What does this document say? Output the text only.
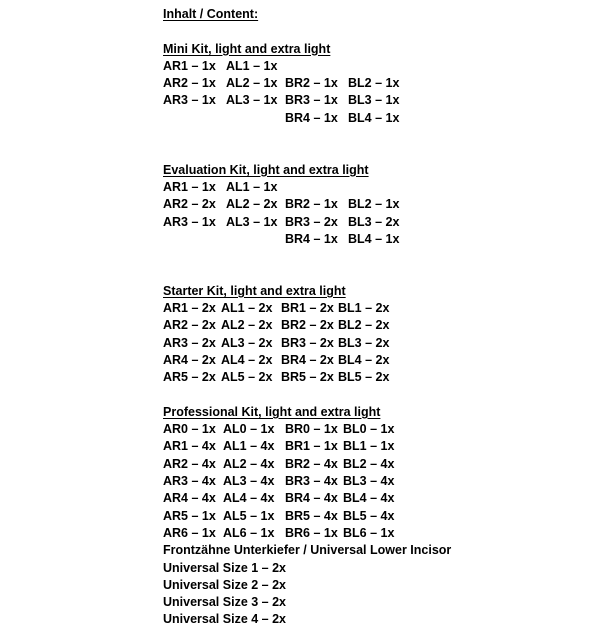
Inhalt / Content:
Mini Kit, light and extra light
AR1 – 1x AL1 – 1x
AR2 – 1x AL2 – 1x BR2 – 1x BL2 – 1x
AR3 – 1x AL3 – 1x BR3 – 1x BL3 – 1x
BR4 – 1x BL4 – 1x
Evaluation Kit, light and extra light
AR1 – 1x AL1 – 1x
AR2 – 2x AL2 – 2x BR2 – 1x BL2 – 1x
AR3 – 1x AL3 – 1x BR3 – 2x BL3 – 2x
BR4 – 1x BL4 – 1x
Starter Kit, light and extra light
AR1 – 2x AL1 – 2x BR1 – 2x BL1 – 2x
AR2 – 2x AL2 – 2x BR2 – 2x BL2 – 2x
AR3 – 2x AL3 – 2x BR3 – 2x BL3 – 2x
AR4 – 2x AL4 – 2x BR4 – 2x BL4 – 2x
AR5 – 2x AL5 – 2x BR5 – 2x BL5 – 2x
Professional Kit, light and extra light
AR0 – 1x AL0 – 1x BR0 – 1x BL0 – 1x
AR1 – 4x AL1 – 4x BR1 – 1x BL1 – 1x
AR2 – 4x AL2 – 4x BR2 – 4x BL2 – 4x
AR3 – 4x AL3 – 4x BR3 – 4x BL3 – 4x
AR4 – 4x AL4 – 4x BR4 – 4x BL4 – 4x
AR5 – 1x AL5 – 1x BR5 – 4x BL5 – 4x
AR6 – 1x AL6 – 1x BR6 – 1x BL6 – 1x
Frontzähne Unterkiefer / Universal Lower Incisor
Universal Size 1 – 2x
Universal Size 2 – 2x
Universal Size 3 – 2x
Universal Size 4 – 2x
